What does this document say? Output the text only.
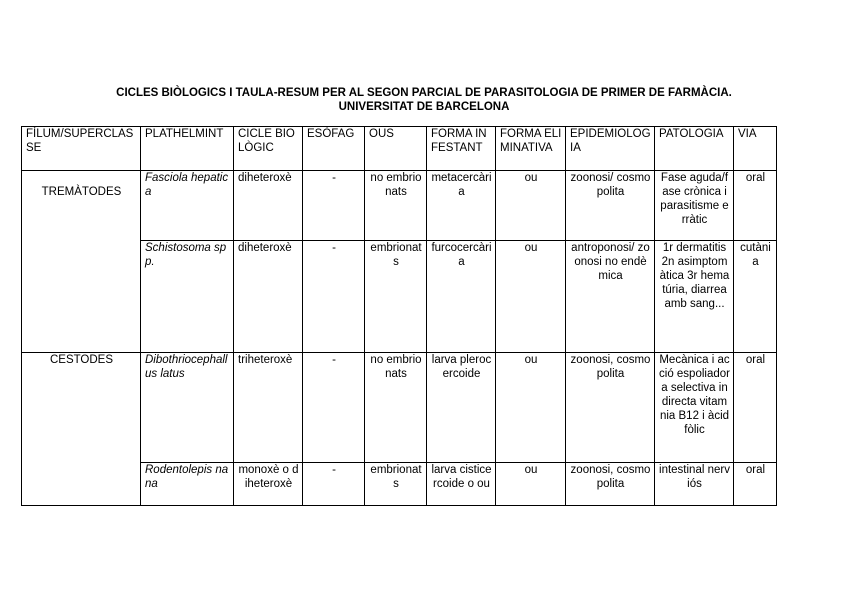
CICLES BIÒLOGICS I TAULA-RESUM PER AL SEGON PARCIAL DE PARASITOLOGIA DE PRIMER DE FARMÀCIA.
UNIVERSITAT DE BARCELONA
FÍLUM/SUPERCLASSE	PLATHELMINT	CICLE BIOLÒGIC	ESÒFAG	OUS	FORMA INFESTANT	FORMA ELIMINATIVA	EPIDEMIOLOGIA	PATOLOGIA	VIA
TREMÀTODES	Fasciola hepatica	diheteroxè	-	no embrionats	metacercària	ou	zoonosi/ cosmopolita	Fase aguda/fase crònica i parasitisme erràtic	oral
	Schistosoma spp.	diheteroxè	-	embrionats	furcocercària	ou	antroponosi/ zoonosi no endèmica	1r dermatitis 2n asimptomàtica 3r hematúria, diarrea amb sang...	cutània
CESTODES	Dibothriocephallus latus	triheteroxè	-	no embrionats	larva plerocercoide	ou	zoonosi, cosmopolita	Mecànica i acció espoliadora selectiva indirecta vitamnia B12 i àcid fòlic	oral
	Rodentolepis nana	monoxè o diheteroxè	-	embrionats	larva cisticercoide o ou	ou	zoonosi, cosmopolita	intestinal nerviós	oral
